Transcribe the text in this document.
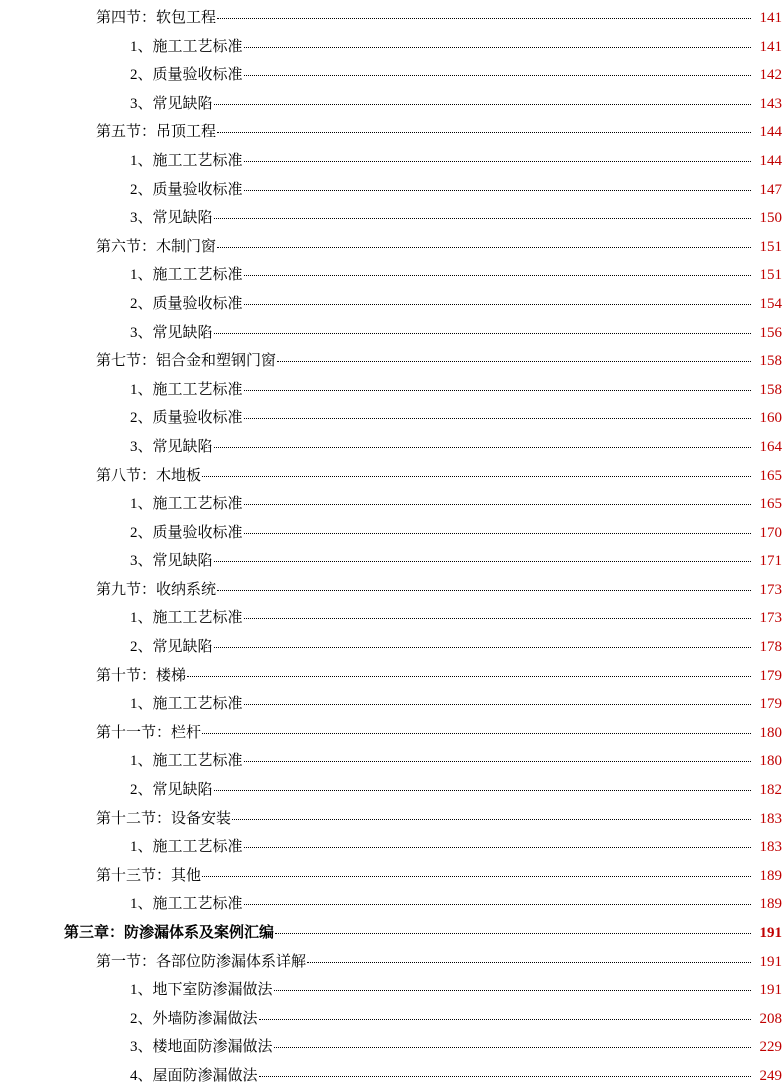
第四节：软包工程	141
1、施工工艺标准	141
2、质量验收标准	142
3、常见缺陷	143
第五节：吊顶工程	144
1、施工工艺标准	144
2、质量验收标准	147
3、常见缺陷	150
第六节：木制门窗	151
1、施工工艺标准	151
2、质量验收标准	154
3、常见缺陷	156
第七节：铝合金和塑钢门窗	158
1、施工工艺标准	158
2、质量验收标准	160
3、常见缺陷	164
第八节：木地板	165
1、施工工艺标准	165
2、质量验收标准	170
3、常见缺陷	171
第九节：收纳系统	173
1、施工工艺标准	173
2、常见缺陷	178
第十节：楼梯	179
1、施工工艺标准	179
第十一节：栏杆	180
1、施工工艺标准	180
2、常见缺陷	182
第十二节：设备安装	183
1、施工工艺标准	183
第十三节：其他	189
1、施工工艺标准	189
第三章：防渗漏体系及案例汇编	191
第一节：各部位防渗漏体系详解	191
1、地下室防渗漏做法	191
2、外墙防渗漏做法	208
3、楼地面防渗漏做法	229
4、屋面防渗漏做法	249
